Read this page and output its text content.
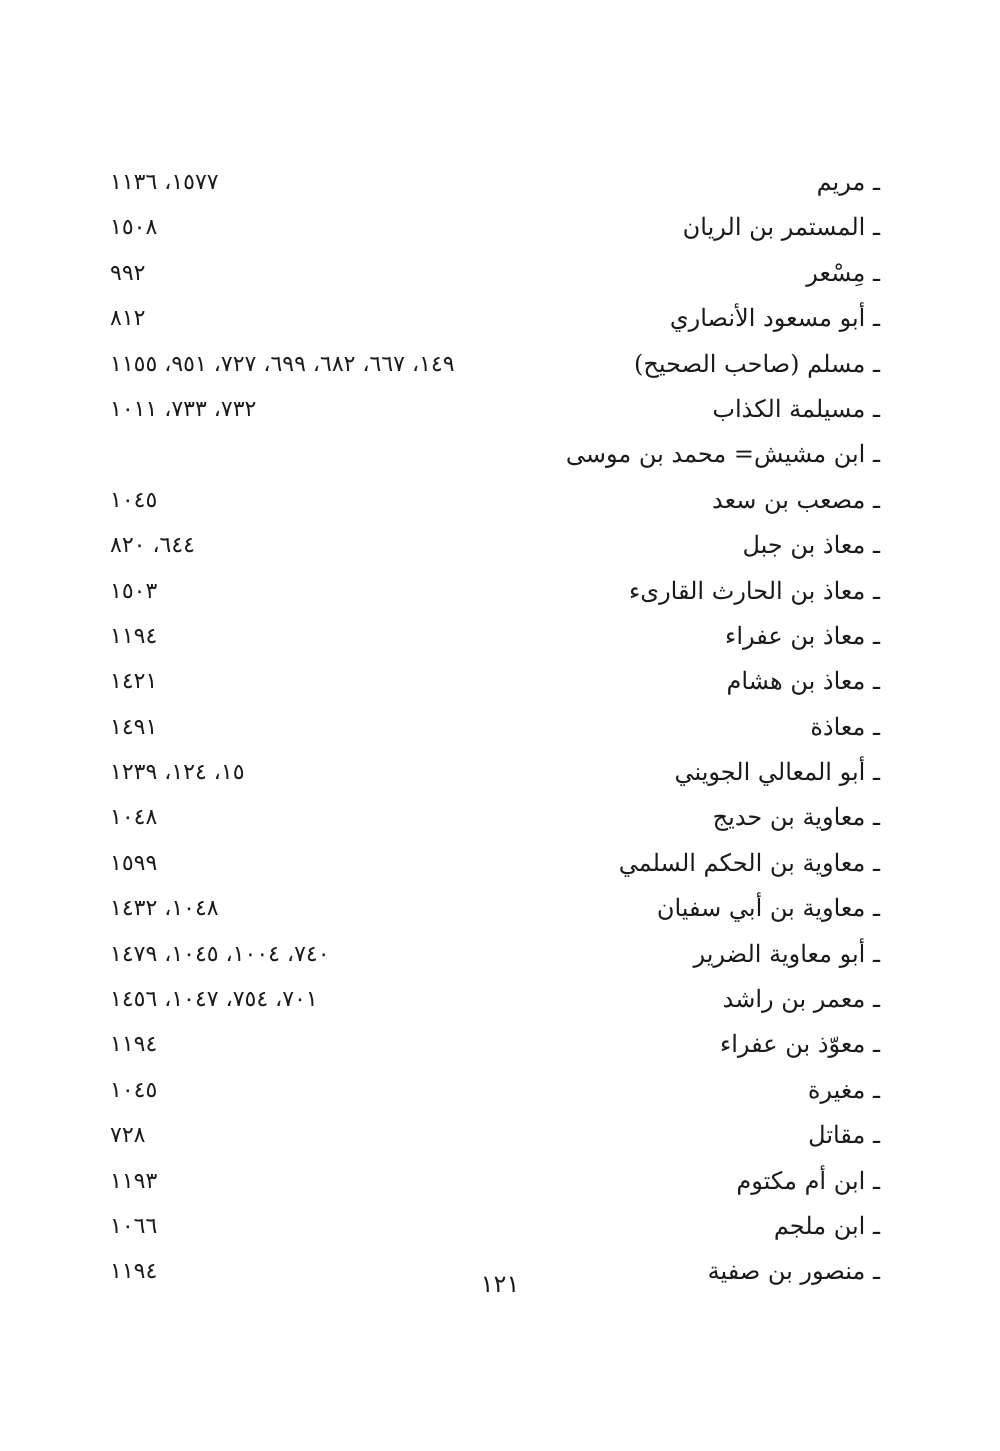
ـ مريم
١٥٧٧، ١١٣٦
ـ المستمر بن الريان
١٥٠٨
ـ مِسْعر
٩٩٢
ـ أبو مسعود الأنصاري
٨١٢
ـ مسلم (صاحب الصحيح)
١٤٩، ٦٦٧، ٦٨٢، ٦٩٩، ٧٢٧، ٩٥١، ١١٥٥
ـ مسيلمة الكذاب
٧٣٢، ٧٣٣، ١٠١١
ـ ابن مشيش= محمد بن موسى
ـ مصعب بن سعد
١٠٤٥
ـ معاذ بن جبل
٦٤٤، ٨٢٠
ـ معاذ بن الحارث القارىء
١٥٠٣
ـ معاذ بن عفراء
١١٩٤
ـ معاذ بن هشام
١٤٢١
ـ معاذة
١٤٩١
ـ أبو المعالي الجويني
١٥، ١٢٤، ١٢٣٩
ـ معاوية بن حديج
١٠٤٨
ـ معاوية بن الحكم السلمي
١٥٩٩
ـ معاوية بن أبي سفيان
١٠٤٨، ١٤٣٢
ـ أبو معاوية الضرير
٧٤٠، ١٠٠٤، ١٠٤٥، ١٤٧٩
ـ معمر بن راشد
٧٠١، ٧٥٤، ١٠٤٧، ١٤٥٦
ـ معوّذ بن عفراء
١١٩٤
ـ مغيرة
١٠٤٥
ـ مقاتل
٧٢٨
ـ ابن أم مكتوم
١١٩٣
ـ ابن ملجم
١٠٦٦
ـ منصور بن صفية
١١٩٤	١٢١
